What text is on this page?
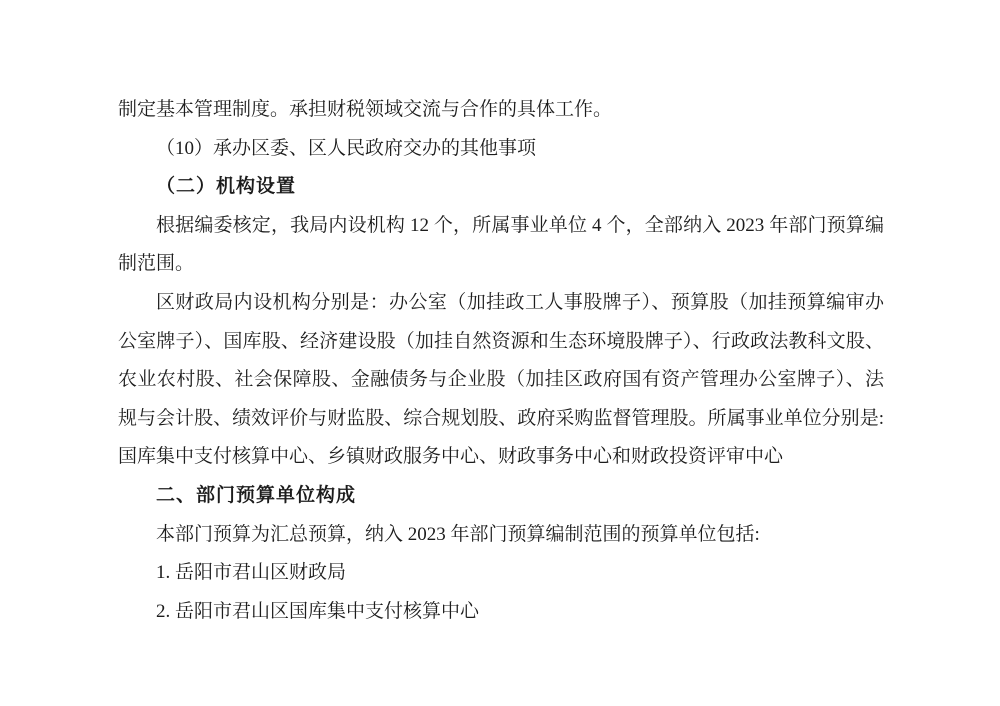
制定基本管理制度。承担财税领域交流与合作的具体工作。
（10）承办区委、区人民政府交办的其他事项
（二）机构设置
根据编委核定，我局内设机构 12 个，所属事业单位 4 个，全部纳入 2023 年部门预算编
制范围。
区财政局内设机构分别是：办公室（加挂政工人事股牌子）、预算股（加挂预算编审办
公室牌子）、国库股、经济建设股（加挂自然资源和生态环境股牌子）、行政政法教科文股、
农业农村股、社会保障股、金融债务与企业股（加挂区政府国有资产管理办公室牌子）、法
规与会计股、绩效评价与财监股、综合规划股、政府采购监督管理股。所属事业单位分别是:
国库集中支付核算中心、乡镇财政服务中心、财政事务中心和财政投资评审中心
二、部门预算单位构成
本部门预算为汇总预算，纳入 2023 年部门预算编制范围的预算单位包括:
1. 岳阳市君山区财政局
2. 岳阳市君山区国库集中支付核算中心
